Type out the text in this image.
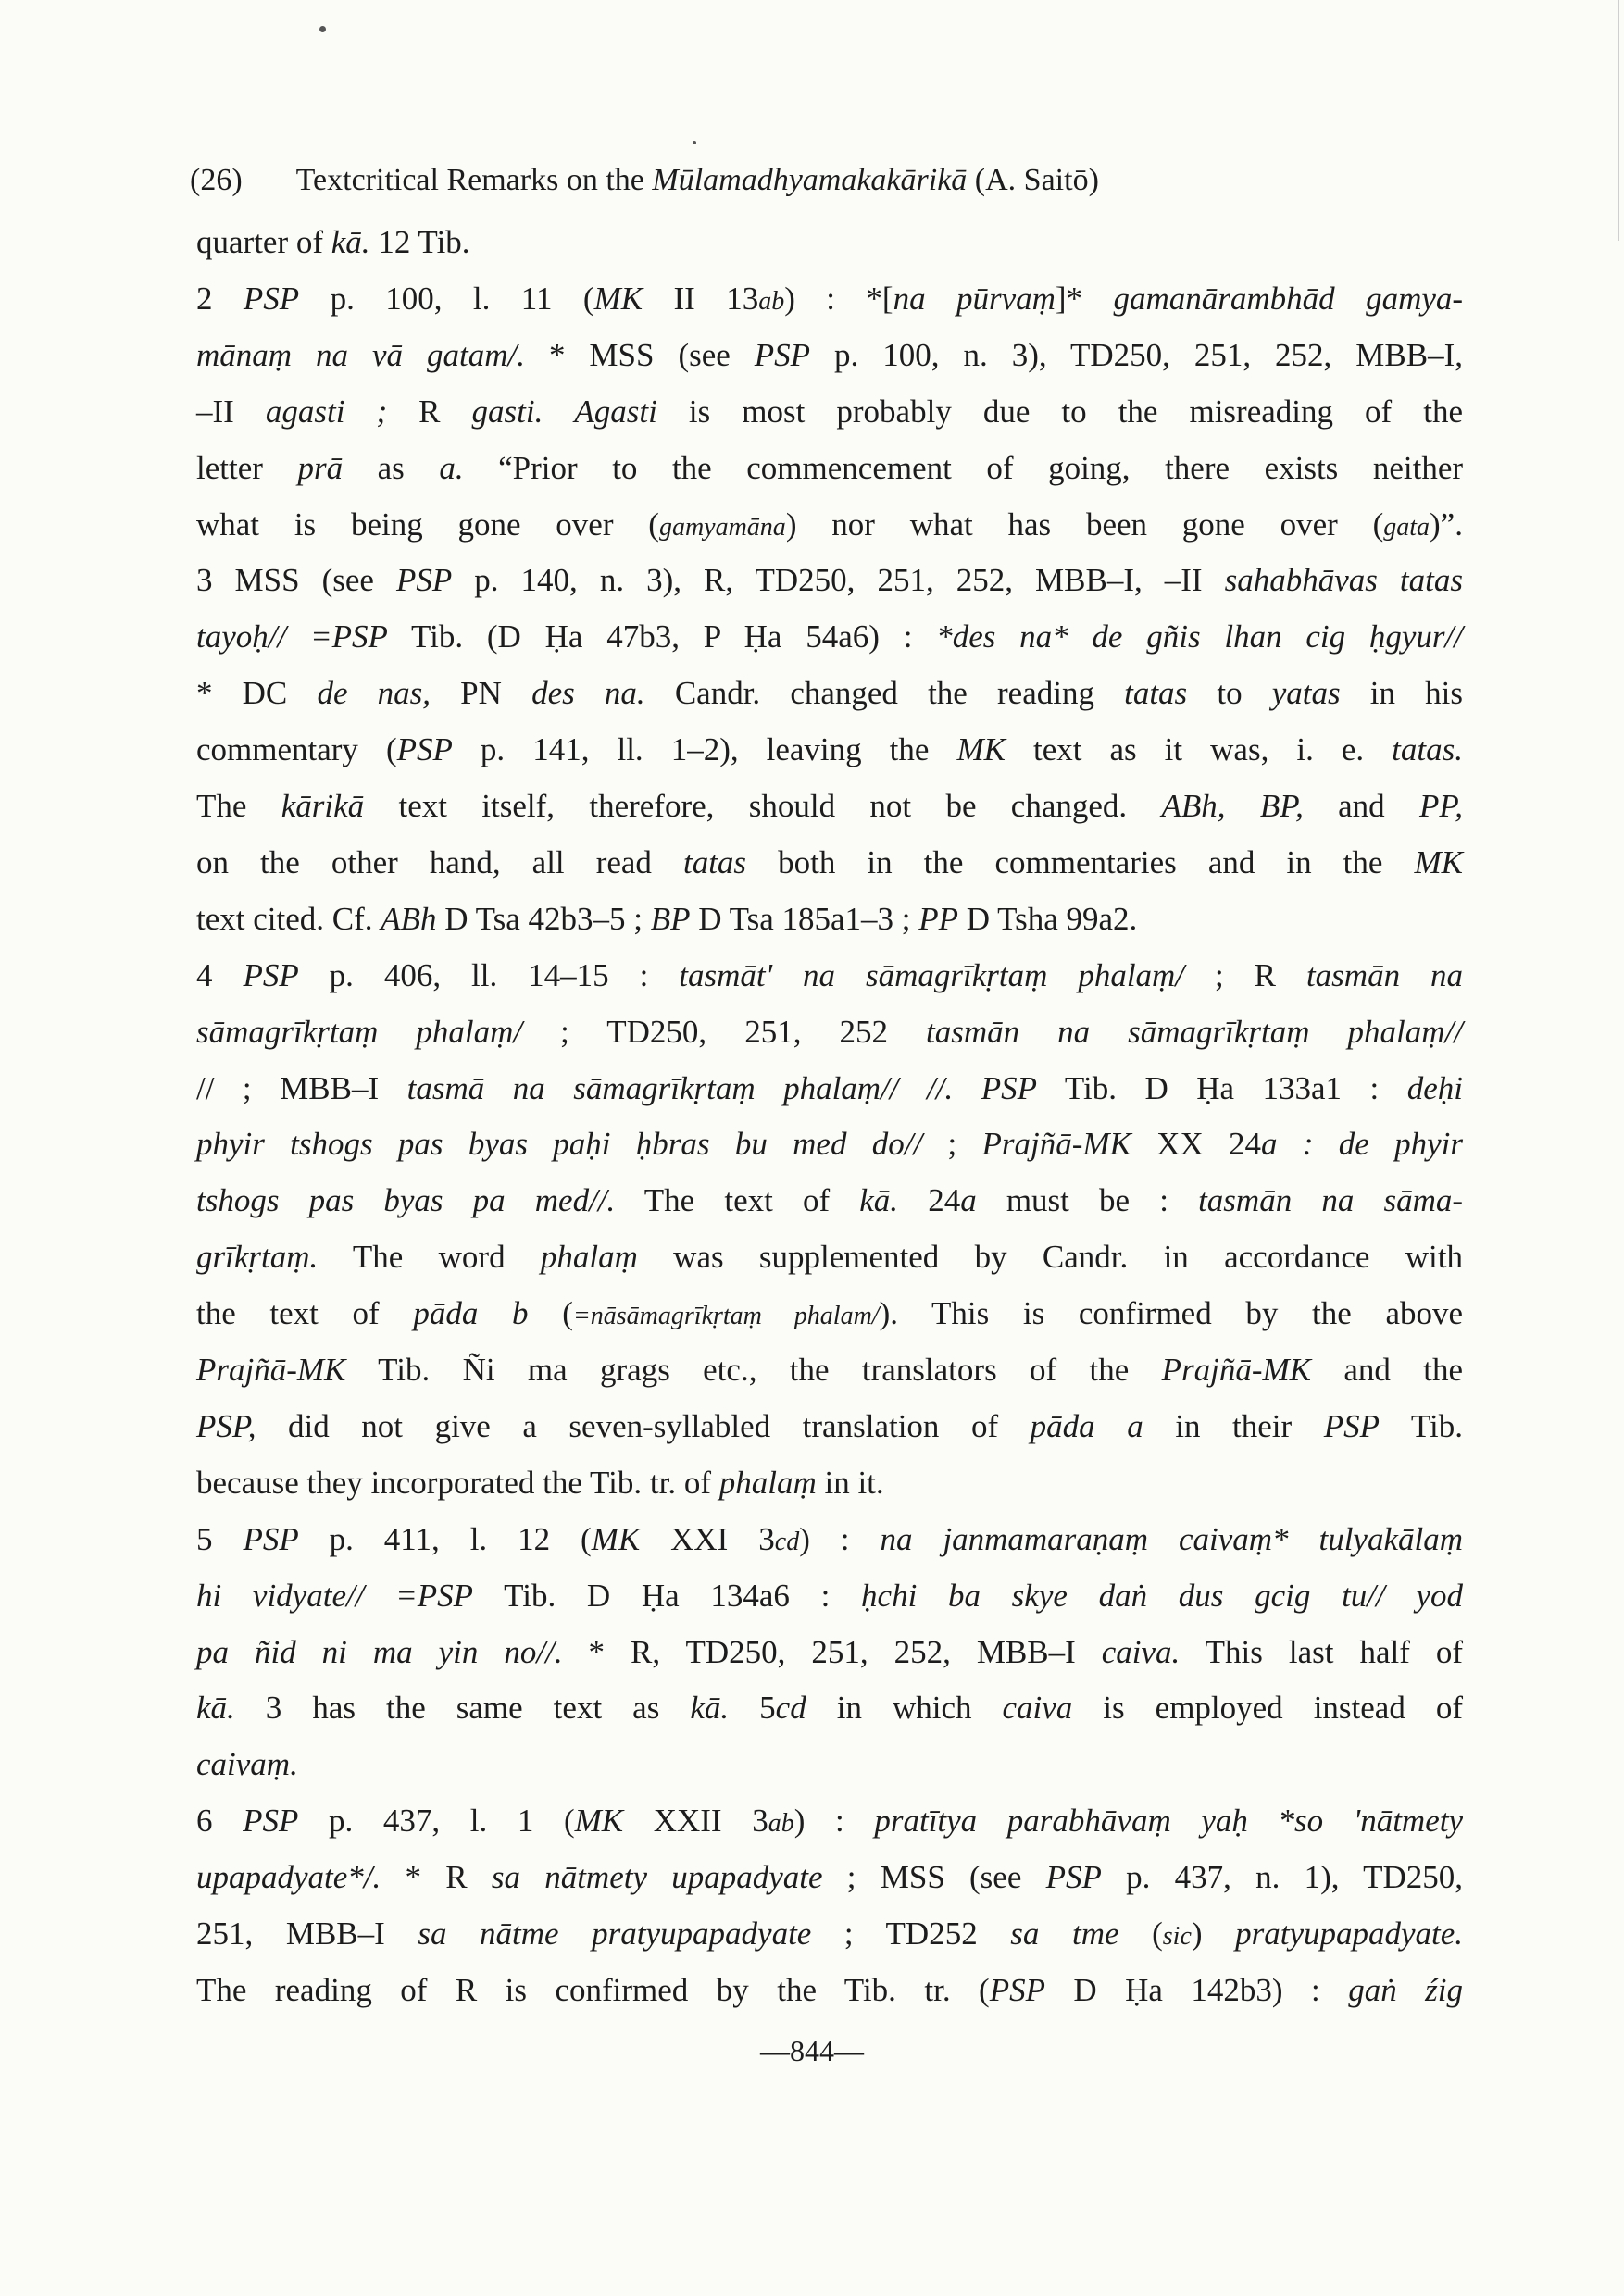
(26) Textcritical Remarks on the Mūlamadhyamakakārikā (A. Saitō)
quarter of kā. 12 Tib.
2 PSP p. 100, l. 11 (MK II 13ab) : *[na pūrvaṃ]* gamanārambhād gamya-
mānaṃ na vā gatam/. * MSS (see PSP p. 100, n. 3), TD250, 251, 252, MBB–I,
–II agasti ; R gasti. Agasti is most probably due to the misreading of the
letter prā as a. “Prior to the commencement of going, there exists neither
what is being gone over (gamyamāna) nor what has been gone over (gata)”.
3 MSS (see PSP p. 140, n. 3), R, TD250, 251, 252, MBB–I, –II sahabhāvas tatas
tayoḥ// =PSP Tib. (D Ḥa 47b3, P Ḥa 54a6) : *des na* de gñis lhan cig ḥgyur//
* DC de nas, PN des na. Candr. changed the reading tatas to yatas in his
commentary (PSP p. 141, ll. 1–2), leaving the MK text as it was, i. e. tatas.
The kārikā text itself, therefore, should not be changed. ABh, BP, and PP,
on the other hand, all read tatas both in the commentaries and in the MK
text cited. Cf. ABh D Tsa 42b3–5 ; BP D Tsa 185a1–3 ; PP D Tsha 99a2.
4 PSP p. 406, ll. 14–15 : tasmāt' na sāmagrīkṛtaṃ phalaṃ/ ; R tasmān na
sāmagrīkṛtaṃ phalaṃ/ ; TD250, 251, 252 tasmān na sāmagrīkṛtaṃ phalaṃ//
// ; MBB–I tasmā na sāmagrīkṛtaṃ phalaṃ// //. PSP Tib. D Ḥa 133a1 : deḥi
phyir tshogs pas byas paḥi ḥbras bu med do// ; Prajñā-MK XX 24a : de phyir
tshogs pas byas pa med//. The text of kā. 24a must be : tasmān na sāma-
grīkṛtaṃ. The word phalaṃ was supplemented by Candr. in accordance with
the text of pāda b (=nāsāmagrīkṛtaṃ phalam/). This is confirmed by the above
Prajñā-MK Tib. Ñi ma grags etc., the translators of the Prajñā-MK and the
PSP, did not give a seven-syllabled translation of pāda a in their PSP Tib.
because they incorporated the Tib. tr. of phalaṃ in it.
5 PSP p. 411, l. 12 (MK XXI 3cd) : na janmamaraṇaṃ caivaṃ* tulyakālaṃ
hi vidyate// =PSP Tib. D Ḥa 134a6 : ḥchi ba skye daṅ dus gcig tu// yod
pa ñid ni ma yin no//. * R, TD250, 251, 252, MBB–I caiva. This last half of
kā. 3 has the same text as kā. 5cd in which caiva is employed instead of
caivaṃ.
6 PSP p. 437, l. 1 (MK XXII 3ab) : pratītya parabhāvaṃ yaḥ *so 'nātmety
upapadyate*/. * R sa nātmety upapadyate ; MSS (see PSP p. 437, n. 1), TD250,
251, MBB–I sa nātme pratyupapadyate ; TD252 sa tme (sic) pratyupapadyate.
The reading of R is confirmed by the Tib. tr. (PSP D Ḥa 142b3) : gaṅ źig
—844—
